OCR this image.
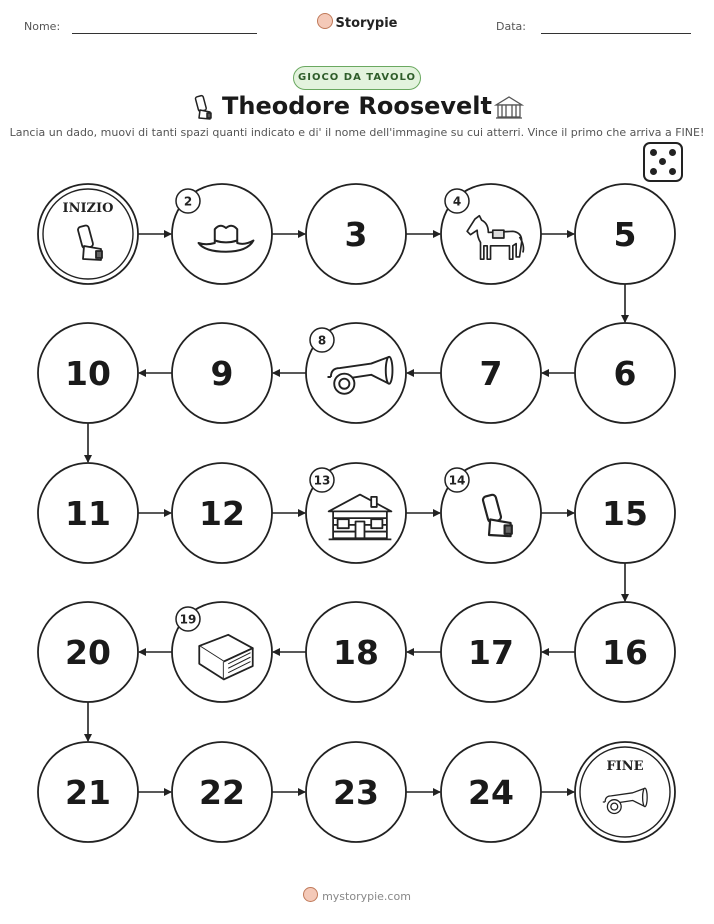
Nome:	Storypie	Data:
GIOCO DA TAVOLO
Theodore Roosevelt
Lancia un dado, muovi di tanti spazi quanti indicato e di' il nome dell'immagine su cui atterri. Vince il primo che arriva a FINE!
INIZIO	2
3
4
5
6
7
8
9
10
11	12
13	14
15
16
17
18
19
20
21	22	23	24
FINE
mystorypie.com
